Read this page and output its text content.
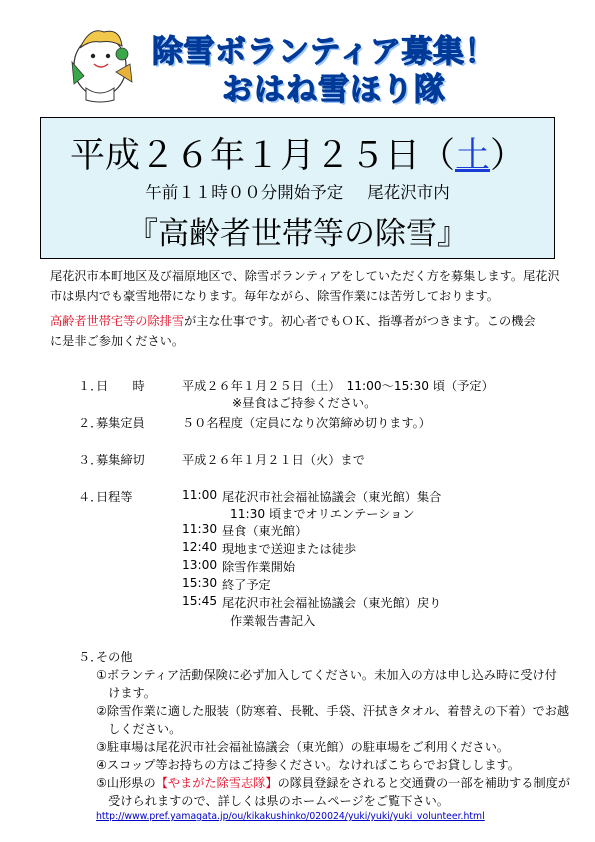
除雪ボランティア募集！
おはね雪ほり隊
平成２６年１月２５日（土）
午前１１時００分開始予定 尾花沢市内
『高齢者世帯等の除雪』
尾花沢市本町地区及び福原地区で、除雪ボランティアをしていただく方を募集します。尾花沢
市は県内でも豪雪地帯になります。毎年ながら、除雪作業には苦労しております。
高齢者世帯宅等の除排雪が主な仕事です。初心者でもＯＫ、指導者がつきます。この機会
に是非ご参加ください。
１．
日　　時	平成２６年１月２５日（土）　11:00～15:30 頃（予定）
※昼食はご持参ください。
２．
募集定員	５０名程度（定員になり次第締め切ります。）
３．
募集締切	平成２６年１月２１日（火）まで
４．
日程等	11:00 尾花沢市社会福祉協議会（東光館）集合
11:30 頃までオリエンテーション
11:30 昼食（東光館）
12:40 現地まで送迎または徒歩
13:00 除雪作業開始
15:30 終了予定
15:45 尾花沢市社会福祉協議会（東光館）戻り
作業報告書記入
５．
その他
①ボランティア活動保険に必ず加入してください。未加入の方は申し込み時に受け付
　けます。
②除雪作業に適した服装（防寒着、長靴、手袋、汗拭きタオル、着替えの下着）でお越
　しください。
③駐車場は尾花沢市社会福祉協議会（東光館）の駐車場をご利用ください。
④スコップ等お持ちの方はご持参ください。なければこちらでお貸しします。
⑤山形県の【やまがた除雪志隊】の隊員登録をされると交通費の一部を補助する制度が
　受けられますので、詳しくは県のホームページをご覧下さい。
http://www.pref.yamagata.jp/ou/kikakushinko/020024/yuki/yuki/yuki_volunteer.html
